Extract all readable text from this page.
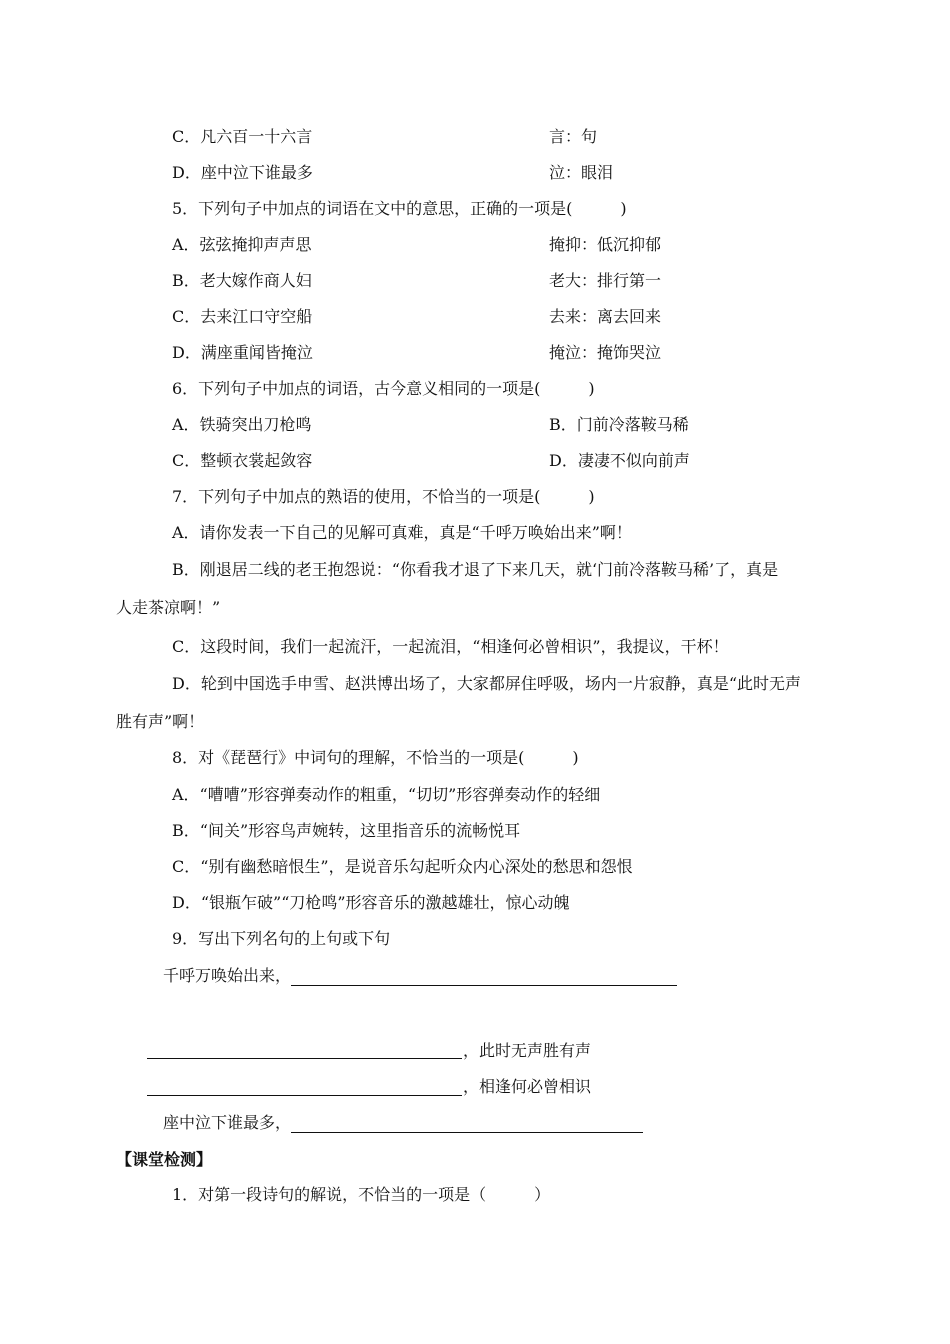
C．凡六百一十六言	言：句
D．座中泣下谁最多	泣：眼泪
5．下列句子中加点的词语在文中的意思，正确的一项是(　　　)
A．弦弦掩抑声声思	掩抑：低沉抑郁
B．老大嫁作商人妇	老大：排行第一
C．去来江口守空船	去来：离去回来
D．满座重闻皆掩泣	掩泣：掩饰哭泣
6．下列句子中加点的词语，古今意义相同的一项是(　　　)
A．铁骑突出刀枪鸣	B．门前冷落鞍马稀
C．整顿衣裳起敛容	D．凄凄不似向前声
7．下列句子中加点的熟语的使用，不恰当的一项是(　　　)
A．请你发表一下自己的见解可真难，真是“千呼万唤始出来”啊！
B．刚退居二线的老王抱怨说：“你看我才退了下来几天，就‘门前冷落鞍马稀’了，真是
人走茶凉啊！”
C．这段时间，我们一起流汗，一起流泪，“相逢何必曾相识”，我提议，干杯！
D．轮到中国选手申雪、赵洪博出场了，大家都屏住呼吸，场内一片寂静，真是“此时无声
胜有声”啊！
8．对《琵琶行》中词句的理解，不恰当的一项是(　　　)
A．“嘈嘈”形容弹奏动作的粗重，“切切”形容弹奏动作的轻细
B．“间关”形容鸟声婉转，这里指音乐的流畅悦耳
C．“别有幽愁暗恨生”，是说音乐勾起听众内心深处的愁思和怨恨
D．“银瓶乍破”“刀枪鸣”形容音乐的激越雄壮，惊心动魄
9．写出下列名句的上句或下句
千呼万唤始出来，
，此时无声胜有声
，相逢何必曾相识
座中泣下谁最多，
【课堂检测】
1．对第一段诗句的解说，不恰当的一项是（　　　）
